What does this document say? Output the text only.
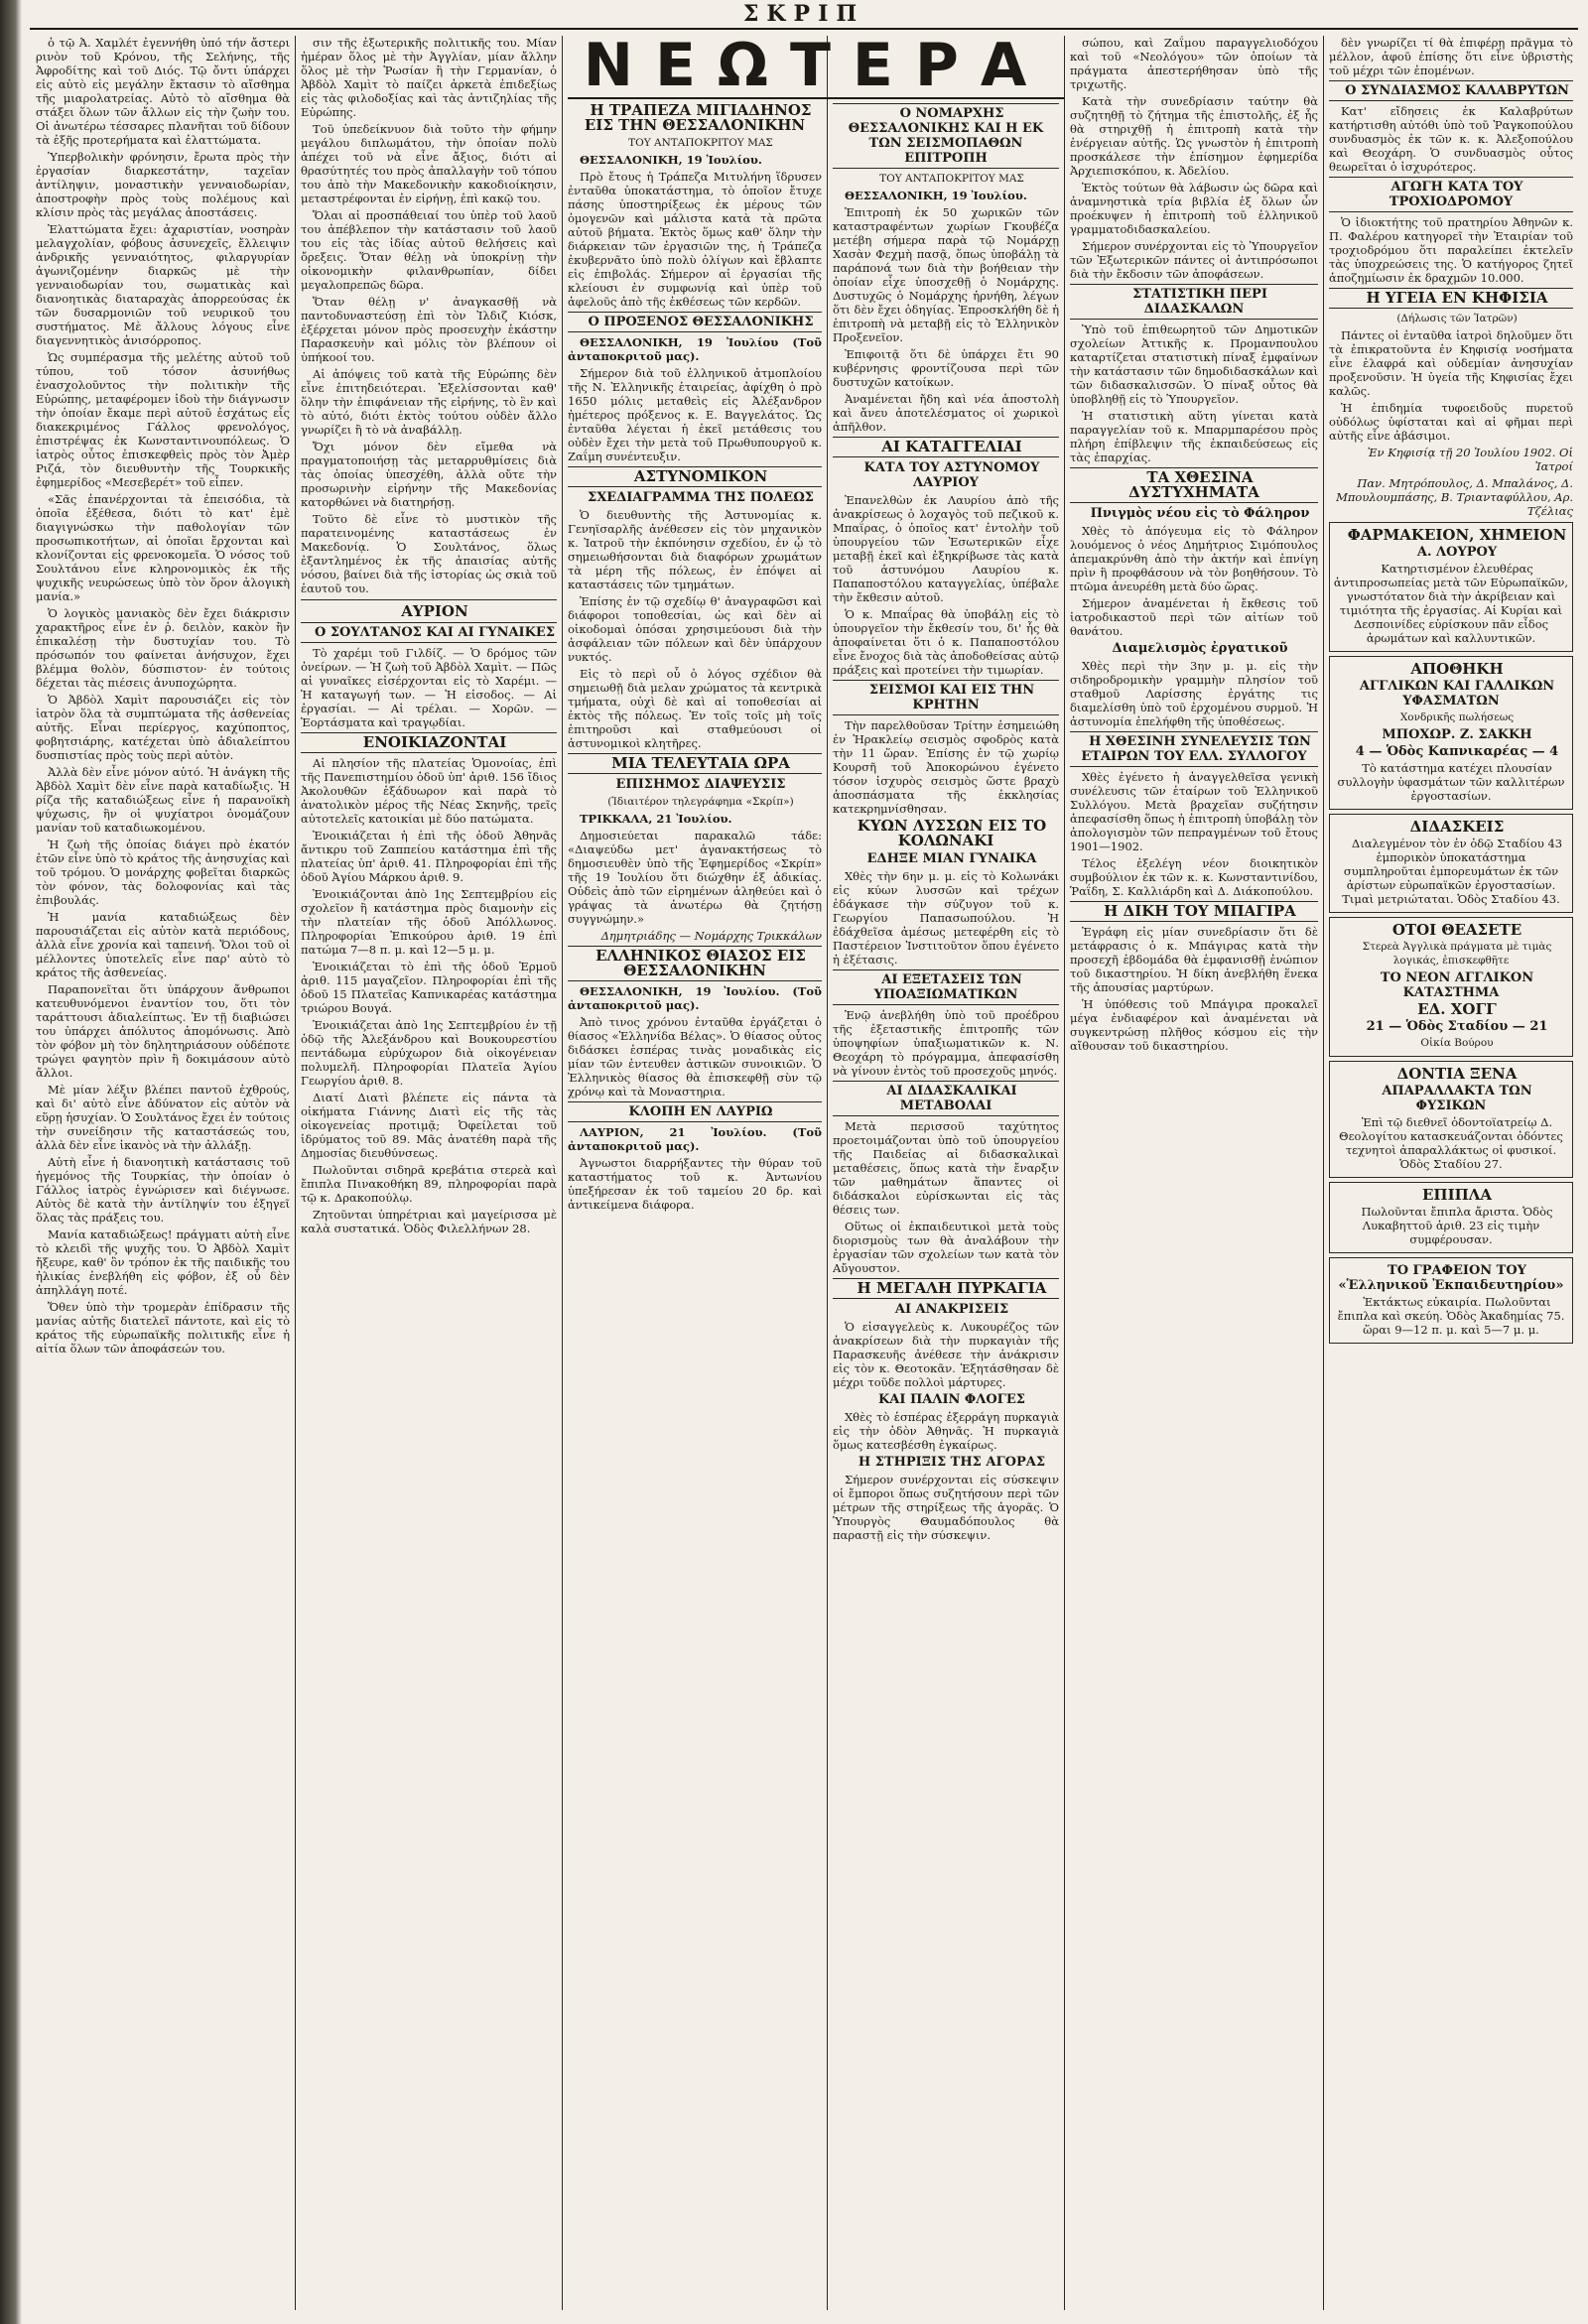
ΣΚΡΙΠ

ὁ τῷ Ἀ. Χαμλέτ ἐγεννήθη ὑπό τήν ἄστερι ρινὸν τοῦ Κρόνου, τῆς Σελήνης, τῆς Ἀφροδίτης καὶ τοῦ Διός. Τῷ ὄντι ὑπάρχει εἰς αὐτὸ εἰς μεγάλην ἔκτασιν τὸ αἴσθημα τῆς μιαρολατρείας. Αὐτὸ τὸ αἴσθημα θὰ στάξει ὅλων τῶν ἄλλων εἰς τὴν ζωὴν του. Οἱ ἀνωτέρω τέσσαρες πλανῆται τοῦ δίδουν τὰ ἐξῆς προτερήματα καὶ ἐλαττώματα.

Ὑπερβολικὴν φρόνησιν, ἔρωτα πρὸς τὴν ἐργασίαν διαρκεστάτην, ταχεῖαν ἀντίληψιν, μοναστικὴν γενναιοδωρίαν, ἀποστροφὴν πρὸς τοὺς πολέμους καὶ κλίσιν πρὸς τὰς μεγάλας ἀποστάσεις.

Ἐλαττώματα ἔχει: ἀχαριστίαν, νοσηρὰν μελαγχολίαν, φόβους ἀσυνεχεῖς, ἔλλειψιν ἀνδρικῆς γενναιότητος, φιλαργυρίαν ἀγωνιζομένην διαρκῶς μὲ τὴν γενναιοδωρίαν του, σωματικὰς καὶ διανοητικὰς διαταραχὰς ἀπορρεούσας ἐκ τῶν δυσαρμονιῶν τοῦ νευρικοῦ του συστήματος. Μὲ ἄλλους λόγους εἶνε διαγεννητικὸς ἀνισόρροπος.

Ὡς συμπέρασμα τῆς μελέτης αὐτοῦ τοῦ τύπου, τοῦ τόσον ἀσυνήθως ἐνασχολοῦντος τὴν πολιτικὴν τῆς Εὐρώπης, μεταφέρομεν ἰδοὺ τὴν διάγνωσιν τὴν ὁποίαν ἔκαμε περὶ αὐτοῦ ἐσχάτως εἷς διακεκριμένος Γάλλος φρενολόγος, ἐπιστρέψας ἐκ Κωνσταντινουπόλεως. Ὁ ἰατρὸς οὗτος ἐπισκεφθεὶς πρὸς τὸν Ἀμὲρ Ριζά, τὸν διευθυντὴν τῆς Τουρκικῆς ἐφημερίδος «Μεσεβερέτ» τοῦ εἶπεν.

«Σᾶς ἐπανέρχονται τὰ ἐπεισόδια, τὰ ὁποῖα ἐξέθεσα, διότι τὸ κατ' ἐμὲ διαγιγνώσκω τὴν παθολογίαν τῶν προσωπικοτήτων, αἱ ὁποῖαι ἔρχονται καὶ κλονίζονται εἰς φρενοκομεῖα. Ὁ νόσος τοῦ Σουλτάνου εἶνε κληρονομικὸς ἐκ τῆς ψυχικῆς νευρώσεως ὑπὸ τὸν ὅρον ἀλογικὴ μανία.»

Ὁ λογικὸς μανιακὸς δὲν ἔχει διάκρισιν χαρακτῆρος εἶνε ἐν ῥ. δειλὸν, κακὸν ἢν ἐπικαλέσῃ τὴν δυστυχίαν του. Τὸ πρόσωπόν του φαίνεται ἀνήσυχον, ἔχει βλέμμα θολὸν, δύσπιστον· ἐν τούτοις δέχεται τὰς πιέσεις ἀνυποχώρητα.

Ὁ Ἀβδὸλ Χαμὶτ παρουσιάζει εἰς τὸν ἰατρὸν ὅλα τὰ συμπτώματα τῆς ἀσθενείας αὐτῆς. Εἶναι περίεργος, καχύποπτος, φοβητσιάρης, κατέχεται ὑπὸ ἀδιαλείπτου δυσπιστίας πρὸς τοὺς περὶ αὐτὸν.

Ἀλλὰ δὲν εἶνε μόνον αὐτό. Ἡ ἀνάγκη τῆς Ἀβδὸλ Χαμὶτ δὲν εἶνε παρὰ καταδίωξις. Ἡ ρίζα τῆς καταδιώξεως εἶνε ἡ παρανοϊκὴ ψύχωσις, ἣν οἱ ψυχίατροι ὀνομάζουν μανίαν τοῦ καταδιωκομένου.

Ἡ ζωὴ τῆς ὁποίας διάγει πρὸ ἑκατόν ἐτῶν εἶνε ὑπὸ τὸ κράτος τῆς ἀνησυχίας καὶ τοῦ τρόμου. Ὁ μονάρχης φοβεῖται διαρκῶς τὸν φόνον, τὰς δολοφονίας καὶ τὰς ἐπιβουλάς.

Ἡ μανία καταδιώξεως δὲν παρουσιάζεται εἰς αὐτὸν κατὰ περιόδους, ἀλλὰ εἶνε χρονία καὶ ταπεινή. Ὅλοι τοῦ οἱ μέλλοντες ὑποτελεῖς εἶνε παρ' αὐτὸ τὸ κράτος τῆς ἀσθενείας.

Παραπονεῖται ὅτι ὑπάρχουν ἄνθρωποι κατευθυνόμενοι ἐναντίον του, ὅτι τὸν ταράττουσι ἀδιαλείπτως. Ἐν τῇ διαβιώσει του ὑπάρχει ἀπόλυτος ἀπομόνωσις. Ἀπὸ τὸν φόβον μὴ τὸν δηλητηριάσουν οὐδέποτε τρώγει φαγητὸν πρὶν ἢ δοκιμάσουν αὐτὸ ἄλλοι.

Μὲ μίαν λέξιν βλέπει παντοῦ ἐχθρούς, καὶ δι' αὐτὸ εἶνε ἀδύνατον εἰς αὐτὸν νὰ εὕρῃ ἡσυχίαν. Ὁ Σουλτάνος ἔχει ἐν τούτοις τὴν συνείδησιν τῆς καταστάσεώς του, ἀλλὰ δὲν εἶνε ἱκανὸς νὰ τὴν ἀλλάξῃ.

Αὐτὴ εἶνε ἡ διανοητικὴ κατάστασις τοῦ ἡγεμόνος τῆς Τουρκίας, τὴν ὁποίαν ὁ Γάλλος ἰατρὸς ἐγνώρισεν καὶ διέγνωσε. Αὐτὸς δὲ κατὰ τὴν ἀντίληψίν του ἐξηγεῖ ὅλας τὰς πράξεις του.

Μανία καταδιώξεως! πράγματι αὐτὴ εἶνε τὸ κλειδὶ τῆς ψυχῆς του. Ὁ Ἀβδὸλ Χαμὶτ ἤξευρε, καθ' ὃν τρόπον ἐκ τῆς παιδικῆς του ἡλικίας ἐνεβλήθη εἰς φόβον, ἐξ οὗ δὲν ἀπηλλάγη ποτέ.

Ὅθεν ὑπὸ τὴν τρομερὰν ἐπίδρασιν τῆς μανίας αὐτῆς διατελεῖ πάντοτε, καὶ εἰς τὸ κράτος τῆς εὐρωπαϊκῆς πολιτικῆς εἶνε ἡ αἰτία ὅλων τῶν ἀποφάσεών του.

σιν τῆς ἐξωτερικῆς πολιτικῆς του. Μίαν ἡμέραν ὅλος μὲ τὴν Ἀγγλίαν, μίαν ἄλλην ὅλος μὲ τὴν Ῥωσίαν ἢ τὴν Γερμανίαν, ὁ Ἀβδὸλ Χαμὶτ τὸ παίζει ἀρκετὰ ἐπιδεξίως εἰς τὰς φιλοδοξίας καὶ τὰς ἀντιζηλίας τῆς Εὐρώπης.

Τοῦ ὑπεδείκνυον διὰ τοῦτο τὴν φήμην μεγάλου διπλωμάτου, τὴν ὁποίαν πολὺ ἀπέχει τοῦ νὰ εἶνε ἄξιος, διότι αἱ θρασύτητές του πρὸς ἀπαλλαγὴν τοῦ τόπου του ἀπὸ τὴν Μακεδονικὴν κακοδιοίκησιν, μεταστρέφονται ἐν εἰρήνῃ, ἐπὶ κακῷ του.

Ὅλαι αἱ προσπάθειαί του ὑπὲρ τοῦ λαοῦ του ἀπέβλεπον τὴν κατάστασιν τοῦ λαοῦ του εἰς τὰς ἰδίας αὐτοῦ θελήσεις καὶ ὄρεξεις. Ὅταν θέλῃ νὰ ὑποκρίνῃ τὴν οἰκονομικὴν φιλανθρωπίαν, δίδει μεγαλοπρεπῶς δῶρα.

Ὅταν θέλῃ ν' ἀναγκασθῇ νὰ παντοδυναστεύσῃ ἐπὶ τὸν Ἰλδιζ Κιόσκ, ἐξέρχεται μόνον πρὸς προσευχὴν ἑκάστην Παρασκευὴν καὶ μόλις τὸν βλέπουν οἱ ὑπήκοοί του.

Αἱ ἀπόψεις τοῦ κατὰ τῆς Εὐρώπης δὲν εἶνε ἐπιτηδειότεραι. Ἐξελίσσονται καθ' ὅλην τὴν ἐπιφάνειαν τῆς εἰρήνης, τὸ ἓν καὶ τὸ αὐτό, διότι ἐκτὸς τούτου οὐδὲν ἄλλο γνωρίζει ἢ τὸ νὰ ἀναβάλλῃ.

Ὄχι μόνον δὲν εἴμεθα νὰ πραγματοποιήσῃ τὰς μεταρρυθμίσεις διὰ τὰς ὁποίας ὑπεσχέθη, ἀλλὰ οὔτε τὴν προσωρινὴν εἰρήνην τῆς Μακεδονίας κατορθώνει νὰ διατηρήσῃ.

Τοῦτο δὲ εἶνε τὸ μυστικὸν τῆς παρατεινομένης καταστάσεως ἐν Μακεδονίᾳ. Ὁ Σουλτάνος, ὅλως ἐξαντλημένος ἐκ τῆς ἀπαισίας αὐτῆς νόσου, βαίνει διὰ τῆς ἱστορίας ὡς σκιὰ τοῦ ἑαυτοῦ του.

ΑΥΡΙΟΝ

Ο ΣΟΥΛΤΑΝΟΣ ΚΑΙ ΑΙ ΓΥΝΑΙΚΕΣ

Τὸ χαρέμι τοῦ Γιλδίζ. — Ὁ δρόμος τῶν ὀνείρων. — Ἡ ζωὴ τοῦ Ἀβδὸλ Χαμὶτ. — Πῶς αἱ γυναῖκες εἰσέρχονται εἰς τὸ Χαρέμι. — Ἡ καταγωγή των. — Ἡ εἰσοδος. — Αἱ ἐργασίαι. — Αἱ τρέλαι. — Χορῶν. — Ἑορτάσματα καὶ τραγῳδίαι.

ΕΝΟΙΚΙΑΖΟΝΤΑΙ

Αἱ πλησίον τῆς πλατείας Ὁμονοίας, ἐπὶ τῆς Πανεπιστημίου ὁδοῦ ὑπ' ἀριθ. 156 ἴδιος Ἀκολουθῶν ἑξάδυωρον καὶ παρὰ τὸ ἀνατολικὸν μέρος τῆς Νέας Σκηνῆς, τρεῖς αὐτοτελεῖς κατοικίαι μὲ δύο πατώματα.

Ἐνοικιάζεται ἡ ἐπὶ τῆς ὁδοῦ Ἀθηνᾶς ἄντικρυ τοῦ Ζαππείου κατάστημα ἐπὶ τῆς πλατείας ὑπ' ἀριθ. 41. Πληροφορίαι ἐπὶ τῆς ὁδοῦ Ἀγίου Μάρκου ἀριθ. 9.

Ἐνοικιάζονται ἀπὸ 1ης Σεπτεμβρίου εἰς σχολεῖον ἢ κατάστημα πρὸς διαμονὴν εἰς τὴν πλατείαν τῆς ὁδοῦ Ἀπόλλωνος. Πληροφορίαι Ἐπικούρου ἀριθ. 19 ἐπὶ πατώμα 7—8 π. μ. καὶ 12—5 μ. μ.

Ἐνοικιάζεται τὸ ἐπὶ τῆς ὁδοῦ Ἑρμοῦ ἀριθ. 115 μαγαζεῖον. Πληροφορίαι ἐπὶ τῆς ὁδοῦ 15 Πλατεῖας Καπνικαρέας κατάστημα τριώρου Βουγά.

Ἐνοικιάζεται ἀπὸ 1ης Σεπτεμβρίου ἐν τῇ ὁδῷ τῆς Ἀλεξάνδρου καὶ Βουκουρεστίου πεντάδωμα εὐρύχωρον διὰ οἰκογένειαν πολυμελῆ. Πληροφορίαι Πλατεῖα Ἁγίου Γεωργίου ἀριθ. 8.

Διατί Διατὶ βλέπετε εἰς πάντα τὰ οἰκήματα Γιάννης Διατὶ εἰς τῆς τὰς οἰκογενείας προτιμᾷ; Ὀφείλεται τοῦ ἱδρύματος τοῦ 89. Μᾶς ἀνατέθη παρὰ τῆς Δημοσίας διευθύνσεως.

Πωλοῦνται σιδηρᾶ κρεβάτια στερεὰ καὶ ἔπιπλα Πινακοθήκη 89, πληροφορίαι παρὰ τῷ κ. Δρακοπούλῳ.

Ζητοῦνται ὑπηρέτριαι καὶ μαγείρισσα μὲ καλὰ συστατικά. Ὁδὸς Φιλελλήνων 28.

ΝΕΩΤΕΡΑ

Η ΤΡΑΠΕΖΑ ΜΙΓΙΑΔΗΝΟΣ ΕΙΣ ΤΗΝ ΘΕΣΣΑΛΟΝΙΚΗΝ

ΤΟΥ ΑΝΤΑΠΟΚΡΙΤΟΥ ΜΑΣ

ΘΕΣΣΑΛΟΝΙΚΗ, 19 Ἰουλίου.

Πρὸ ἔτους ἡ Τράπεζα Μιτυλήνη ἵδρυσεν ἐνταῦθα ὑποκατάστημα, τὸ ὁποῖον ἔτυχε πάσης ὑποστηρίξεως ἐκ μέρους τῶν ὁμογενῶν καὶ μάλιστα κατὰ τὰ πρῶτα αὐτοῦ βήματα. Ἐκτὸς ὅμως καθ' ὅλην τὴν διάρκειαν τῶν ἐργασιῶν της, ἡ Τράπεζα ἐκυβερνᾶτο ὑπὸ πολὺ ὀλίγων καὶ ἔβλαπτε εἰς ἐπιβολάς. Σήμερον αἱ ἐργασίαι τῆς κλείουσι ἐν συμφωνίᾳ καὶ ὑπὲρ τοῦ ἀφελοῦς ἀπὸ τῆς ἐκθέσεως τῶν κερδῶν.

Ο ΠΡΟΞΕΝΟΣ ΘΕΣΣΑΛΟΝΙΚΗΣ

ΘΕΣΣΑΛΟΝΙΚΗ, 19 Ἰουλίου (Τοῦ ἀνταποκριτοῦ μας).

Σήμερον διὰ τοῦ ἑλληνικοῦ ἀτμοπλοίου τῆς Ν. Ἑλληνικῆς ἑταιρείας, ἀφίχθη ὁ πρὸ 1650 μόλις μεταθεὶς εἰς Ἀλέξανδρον ἡμέτερος πρόξενος κ. Ε. Βαγγελάτος. Ὡς ἐνταῦθα λέγεται ἡ ἐκεῖ μετάθεσις του οὐδὲν ἔχει τὴν μετὰ τοῦ Πρωθυπουργοῦ κ. Ζαΐμη συνέντευξιν.

ΑΣΤΥΝΟΜΙΚΟΝ

ΣΧΕΔΙΑΓΡΑΜΜΑ ΤΗΣ ΠΟΛΕΩΣ

Ὁ διευθυντὴς τῆς Ἀστυνομίας κ. Γενηϊσαρλῆς ἀνέθεσεν εἰς τὸν μηχανικὸν κ. Ἰατροῦ τὴν ἐκπόνησιν σχεδίου, ἐν ᾧ τὸ σημειωθήσονται διὰ διαφόρων χρωμάτων τὰ μέρη τῆς πόλεως, ἐν ἐπόψει αἱ καταστάσεις τῶν τμημάτων.

Ἐπίσης ἐν τῷ σχεδίῳ θ' ἀναγραφῶσι καὶ διάφοροι τοποθεσίαι, ὡς καὶ δὲν αἱ οἰκοδομαὶ ὁπόσαι χρησιμεύουσι διὰ τὴν ἀσφάλειαν τῶν πόλεων καὶ δὲν ὑπάρχουν νυκτός.

Εἰς τὸ περὶ οὗ ὁ λόγος σχέδιον θὰ σημειωθῇ διὰ μελαν χρώματος τὰ κεντρικὰ τμήματα, οὐχὶ δὲ καὶ αἱ τοποθεσίαι αἱ ἐκτὸς τῆς πόλεως. Ἐν τοῖς τοῖς μὴ τοῖς ἐπιτηροῦσι καὶ σταθμεύουσι οἱ ἀστυνομικοὶ κλητῆρες.

ΜΙΑ ΤΕΛΕΥΤΑΙΑ ΩΡΑ

ΕΠΙΣΗΜΟΣ ΔΙΑΨΕΥΣΙΣ

(Ἰδιαιτέρον τηλεγράφημα «Σκρίπ»)

ΤΡΙΚΚΑΛΑ, 21 Ἰουλίου.

Δημοσιεύεται παρακαλῶ τάδε: «Διαψεύδω μετ' ἀγανακτήσεως τὸ δημοσιευθὲν ὑπὸ τῆς Ἐφημερίδος «Σκρίπ» τῆς 19 Ἰουλίου ὅτι διώχθην ἐξ ἀδικίας. Οὐδεὶς ἀπὸ τῶν εἰρημένων ἀληθεύει καὶ ὁ γράψας τὰ ἀνωτέρω θὰ ζητήσῃ συγγνώμην.»

Δημητριάδης — Νομάρχης Τρικκάλων

ΕΛΛΗΝΙΚΟΣ ΘΙΑΣΟΣ ΕΙΣ ΘΕΣΣΑΛΟΝΙΚΗΝ

ΘΕΣΣΑΛΟΝΙΚΗ, 19 Ἰουλίου. (Τοῦ ἀνταποκριτοῦ μας).

Ἀπὸ τινος χρόνου ἐνταῦθα ἐργάζεται ὁ θίασος «Ἑλληνίδα Βέλας». Ὁ θίασος οὗτος διδάσκει ἑσπέρας τινὰς μοναδικὰς εἰς μίαν τῶν ἐντευθεν ἀστικῶν συνοικιῶν. Ὁ Ἑλληνικὸς θίασος θὰ ἐπισκεφθῇ σὺν τῷ χρόνῳ καὶ τὰ Μοναστηρια.

ΚΛΟΠΗ ΕΝ ΛΑΥΡΙΩ

ΛΑΥΡΙΟΝ, 21 Ἰουλίου. (Τοῦ ἀνταποκριτοῦ μας).

Ἀγνωστοι διαρρήξαντες τὴν θύραν τοῦ καταστήματος τοῦ κ. Ἀντωνίου ὑπεξήρεσαν ἐκ τοῦ ταμείου 20 δρ. καὶ ἀντικείμενα διάφορα.

Ο ΝΟΜΑΡΧΗΣ ΘΕΣΣΑΛΟΝΙΚΗΣ ΚΑΙ Η ΕΚ ΤΩΝ ΣΕΙΣΜΟΠΑΘΩΝ ΕΠΙΤΡΟΠΗ

ΤΟΥ ΑΝΤΑΠΟΚΡΙΤΟΥ ΜΑΣ

ΘΕΣΣΑΛΟΝΙΚΗ, 19 Ἰουλίου.

Ἐπιτροπὴ ἐκ 50 χωρικῶν τῶν καταστραφέντων χωρίων Γκουβέζα μετέβη σήμερα παρὰ τῷ Νομάρχῃ Χασὰν Φεχμὴ πασᾷ, ὅπως ὑποβάλῃ τὰ παράπονά των διὰ τὴν βοήθειαν τὴν ὁποίαν εἶχε ὑποσχεθῇ ὁ Νομάρχης. Δυστυχῶς ὁ Νομάρχης ἠρνήθη, λέγων ὅτι δὲν ἔχει ὁδηγίας. Ἐπροσκλήθη δὲ ἡ ἐπιτροπὴ νὰ μεταβῇ εἰς τὸ Ἑλληνικὸν Προξενεῖον.

Ἐπιφοιτᾷ ὅτι δὲ ὑπάρχει ἔτι 90 κυβέρνησις φροντίζουσα περὶ τῶν δυστυχῶν κατοίκων.

Ἀναμένεται ἤδη καὶ νέα ἀποστολὴ καὶ ἄνευ ἀποτελέσματος οἱ χωρικοὶ ἀπῆλθον.

ΑΙ ΚΑΤΑΓΓΕΛΙΑΙ

ΚΑΤΑ ΤΟΥ ΑΣΤΥΝΟΜΟΥ ΛΑΥΡΙΟΥ

Ἐπανελθὼν ἐκ Λαυρίου ἀπὸ τῆς ἀνακρίσεως ὁ λοχαγὸς τοῦ πεζικοῦ κ. Μπαΐρας, ὁ ὁποῖος κατ' ἐντολὴν τοῦ ὑπουργείου τῶν Ἐσωτερικῶν εἶχε μεταβῇ ἐκεῖ καὶ ἐξηκρίβωσε τὰς κατὰ τοῦ ἀστυνόμου Λαυρίου κ. Παπαποστόλου καταγγελίας, ὑπέβαλε τὴν ἔκθεσιν αὐτοῦ.

Ὁ κ. Μπαΐρας θὰ ὑποβάλῃ εἰς τὸ ὑπουργεῖον τὴν ἔκθεσίν του, δι' ἧς θὰ ἀποφαίνεται ὅτι ὁ κ. Παπαποστόλου εἶνε ἔνοχος διὰ τὰς ἀποδοθείσας αὐτῷ πράξεις καὶ προτείνει τὴν τιμωρίαν.

ΣΕΙΣΜΟΙ ΚΑΙ ΕΙΣ ΤΗΝ ΚΡΗΤΗΝ

Τὴν παρελθοῦσαν Τρίτην ἐσημειώθη ἐν Ἡρακλείῳ σεισμὸς σφοδρὸς κατὰ τὴν 11 ὥραν. Ἐπίσης ἐν τῷ χωρίῳ Κουρσῆ τοῦ Ἀποκορώνου ἐγένετο τόσον ἰσχυρὸς σεισμὸς ὥστε βραχὺ ἀποσπάσματα τῆς ἐκκλησίας κατεκρημνίσθησαν.

ΚΥΩΝ ΛΥΣΣΩΝ ΕΙΣ ΤΟ ΚΟΛΩΝΑΚΙ

ΕΔΗΞΕ ΜΙΑΝ ΓΥΝΑΙΚΑ

Χθὲς τὴν 6ην μ. μ. εἰς τὸ Κολωνάκι εἰς κύων λυσσῶν καὶ τρέχων ἐδάγκασε τὴν σύζυγον τοῦ κ. Γεωργίου Παπασωπούλου. Ἡ ἐδάχθεῖσα ἀμέσως μετεφέρθη εἰς τὸ Παστέρειον Ἰνστιτοῦτον ὅπου ἐγένετο ἡ ἐξέτασις.

ΑΙ ΕΞΕΤΑΣΕΙΣ ΤΩΝ ΥΠΟΑΞΙΩΜΑΤΙΚΩΝ

Ἐνῷ ἀνεβλήθη ὑπὸ τοῦ προέδρου τῆς ἐξεταστικῆς ἐπιτροπῆς τῶν ὑποψηφίων ὑπαξιωματικῶν κ. Ν. Θεοχάρη τὸ πρόγραμμα, ἀπεφασίσθη νὰ γίνουν ἐντὸς τοῦ προσεχοῦς μηνός.

ΑΙ ΔΙΔΑΣΚΑΛΙΚΑΙ ΜΕΤΑΒΟΛΑΙ

Μετὰ περισσοῦ ταχύτητος προετοιμάζονται ὑπὸ τοῦ ὑπουργείου τῆς Παιδείας αἱ διδασκαλικαὶ μεταθέσεις, ὅπως κατὰ τὴν ἔναρξιν τῶν μαθημάτων ἅπαντες οἱ διδάσκαλοι εὑρίσκωνται εἰς τὰς θέσεις των.

Οὕτως οἱ ἐκπαιδευτικοὶ μετὰ τοὺς διορισμοὺς των θὰ ἀναλάβουν τὴν ἐργασίαν τῶν σχολείων των κατὰ τὸν Αὔγουστον.

Η ΜΕΓΑΛΗ ΠΥΡΚΑΓΙΑ

ΑΙ ΑΝΑΚΡΙΣΕΙΣ

Ὁ εἰσαγγελεὺς κ. Λυκουρέζος τῶν ἀνακρίσεων διὰ τὴν πυρκαγιὰν τῆς Παρασκευῆς ἀνέθεσε τὴν ἀνάκρισιν εἰς τὸν κ. Θεοτοκᾶν. Ἐξητάσθησαν δὲ μέχρι τοῦδε πολλοὶ μάρτυρες.

ΚΑΙ ΠΑΛΙΝ ΦΛΟΓΕΣ

Χθὲς τὸ ἑσπέρας ἐξερράγη πυρκαγιὰ εἰς τὴν ὁδὸν Ἀθηνᾶς. Ἡ πυρκαγιὰ ὅμως κατεσβέσθη ἐγκαίρως.

Η ΣΤΗΡΙΞΙΣ ΤΗΣ ΑΓΟΡΑΣ

Σήμερον συνέρχονται εἰς σύσκεψιν οἱ ἔμποροι ὅπως συζητήσουν περὶ τῶν μέτρων τῆς στηρίξεως τῆς ἀγορᾶς. Ὁ Ὑπουργὸς Θαυμαδόπουλος θὰ παραστῇ εἰς τὴν σύσκεψιν.

σώπου, καὶ Ζαΐμου παραγγελιοδόχου καὶ τοῦ «Νεολόγου» τῶν ὁποίων τὰ πράγματα ἀπεστερήθησαν ὑπὸ τῆς τριχωτῆς.

Κατὰ τὴν συνεδρίασιν ταύτην θὰ συζητηθῇ τὸ ζήτημα τῆς ἐπιστολῆς, ἐξ ἧς θὰ στηριχθῇ ἡ ἐπιτροπὴ κατὰ τὴν ἐνέργειαν αὐτῆς. Ὡς γνωστὸν ἡ ἐπιτροπὴ προσκάλεσε τὴν ἐπίσημον ἐφημερίδα Ἀρχιεπισκόπου, κ. Ἀδελίου.

Ἐκτὸς τούτων θὰ λάβωσιν ὡς δῶρα καὶ ἀναμνηστικὰ τρία βιβλία ἐξ ὅλων ὧν προέκυψεν ἡ ἐπιτροπὴ τοῦ ἑλληνικοῦ γραμματοδιδασκαλείου.

Σήμερον συνέρχονται εἰς τὸ Ὑπουργεῖον τῶν Ἐξωτερικῶν πάντες οἱ ἀντιπρόσωποι διὰ τὴν ἔκδοσιν τῶν ἀποφάσεων.

ΣΤΑΤΙΣΤΙΚΗ ΠΕΡΙ ΔΙΔΑΣΚΑΛΩΝ

Ὑπὸ τοῦ ἐπιθεωρητοῦ τῶν Δημοτικῶν σχολείων Ἀττικῆς κ. Προμανπουλου καταρτίζεται στατιστικὴ πίναξ ἐμφαίνων τὴν κατάστασιν τῶν δημοδιδασκάλων καὶ τῶν διδασκαλισσῶν. Ὁ πίναξ οὗτος θὰ ὑποβληθῇ εἰς τὸ Ὑπουργεῖον.

Ἡ στατιστικὴ αὕτη γίνεται κατὰ παραγγελίαν τοῦ κ. Μπαρμπαρέσου πρὸς πλήρη ἐπίβλεψιν τῆς ἐκπαιδεύσεως εἰς τὰς ἐπαρχίας.

ΤΑ ΧΘΕΣΙΝΑ ΔΥΣΤΥΧΗΜΑΤΑ

Πνιγμὸς νέου εἰς τὸ Φάληρον

Χθὲς τὸ ἀπόγευμα εἰς τὸ Φάληρον λουόμενος ὁ νέος Δημήτριος Σιμόπουλος ἀπεμακρύνθη ἀπὸ τὴν ἀκτήν καὶ ἐπνίγη πρὶν ἢ προφθάσουν νὰ τὸν βοηθήσουν. Τὸ πτῶμα ἀνευρέθη μετὰ δύο ὥρας.

Σήμερον ἀναμένεται ἡ ἔκθεσις τοῦ ἰατροδικαστοῦ περὶ τῶν αἰτίων τοῦ θανάτου.

Διαμελισμὸς ἐργατικοῦ

Χθὲς περὶ τὴν 3ην μ. μ. εἰς τὴν σιδηροδρομικὴν γραμμὴν πλησίον τοῦ σταθμοῦ Λαρίσσης ἐργάτης τις διαμελίσθη ὑπὸ τοῦ ἐρχομένου συρμοῦ. Ἡ ἀστυνομία ἐπελήφθη τῆς ὑποθέσεως.

Η ΧΘΕΣΙΝΗ ΣΥΝΕΛΕΥΣΙΣ ΤΩΝ ΕΤΑΙΡΩΝ ΤΟΥ ΕΛΛ. ΣΥΛΛΟΓΟΥ

Χθὲς ἐγένετο ἡ ἀναγγελθεῖσα γενικὴ συνέλευσις τῶν ἑταίρων τοῦ Ἑλληνικοῦ Συλλόγου. Μετὰ βραχεῖαν συζήτησιν ἀπεφασίσθη ὅπως ἡ ἐπιτροπὴ ὑποβάλῃ τὸν ἀπολογισμὸν τῶν πεπραγμένων τοῦ ἔτους 1901—1902.

Τέλος ἐξελέγη νέον διοικητικὸν συμβούλιον ἐκ τῶν κ. κ. Κωνσταντινίδου, Ῥαΐδη, Σ. Καλλιάρδη καὶ Δ. Διάκοπούλου.

Η ΔΙΚΗ ΤΟΥ ΜΠΑΓΙΡΑ

Ἐγράφη εἰς μίαν συνεδρίασιν ὅτι δὲ μετάφρασις ὁ κ. Μπάγιρας κατὰ τὴν προσεχῆ ἑβδομάδα θὰ ἐμφανισθῇ ἐνώπιον τοῦ δικαστηρίου. Ἡ δίκη ἀνεβλήθη ἕνεκα τῆς ἀπουσίας μαρτύρων.

Ἡ ὑπόθεσις τοῦ Μπάγιρα προκαλεῖ μέγα ἐνδιαφέρον καὶ ἀναμένεται νὰ συγκεντρώσῃ πλῆθος κόσμου εἰς τὴν αἴθουσαν τοῦ δικαστηρίου.

δὲν γνωρίζει τί θὰ ἐπιφέρῃ πρᾶγμα τὸ μέλλον, ἀφοῦ ἐπίσης ὅτι εἶνε ὑβριστὴς τοῦ μέχρι τῶν ἐπομένων.

Ο ΣΥΝΔΙΑΣΜΟΣ ΚΑΛΑΒΡΥΤΩΝ

Κατ' εἴδησεις ἐκ Καλαβρύτων κατήρτισθη αὐτόθι ὑπὸ τοῦ Ῥαγκοπούλου συνδυασμὸς ἐκ τῶν κ. κ. Ἀλεξοπούλου καὶ Θεοχάρη. Ὁ συνδυασμὸς οὗτος θεωρεῖται ὁ ἰσχυρότερος.

ΑΓΩΓΗ ΚΑΤΑ ΤΟΥ ΤΡΟΧΙΟΔΡΟΜΟΥ

Ὁ ἰδιοκτήτης τοῦ πρατηρίου Ἀθηνῶν κ. Π. Φαλέρου κατηγορεῖ τὴν Ἑταιρίαν τοῦ τροχιοδρόμου ὅτι παραλείπει ἐκτελεῖν τὰς ὑποχρεώσεις της. Ὁ κατήγορος ζητεῖ ἀποζημίωσιν ἐκ δραχμῶν 10.000.

Η ΥΓΕΙΑ ΕΝ ΚΗΦΙΣΙΑ

(Δήλωσις τῶν Ἰατρῶν)

Πάντες οἱ ἐνταῦθα ἰατροὶ δηλοῦμεν ὅτι τὰ ἐπικρατοῦντα ἐν Κηφισίᾳ νοσήματα εἶνε ἐλαφρά καὶ οὐδεμίαν ἀνησυχίαν προξενοῦσιν. Ἡ ὑγεία τῆς Κηφισίας ἔχει καλῶς.

Ἡ ἐπιδημία τυφοειδοῦς πυρετοῦ οὐδόλως ὑφίσταται καὶ αἱ φῆμαι περὶ αὐτῆς εἶνε ἀβάσιμοι.

Ἐν Κηφισίᾳ τῇ 20 Ἰουλίου 1902. Οἱ Ἰατροί

Παν. Μητρόπουλος, Δ. Μπαλάνος, Δ. Μπουλουμπάσης, Β. Τριανταφύλλου, Αρ. Τζέλιας

ΦΑΡΜΑΚΕΙΟΝ, ΧΗΜΕΙΟΝ

Α. ΛΟΥΡΟΥ

Κατηρτισμένον ἐλευθέρας ἀντιπροσωπείας μετὰ τῶν Εὐρωπαϊκῶν, γνωστότατον διὰ τὴν ἀκρίβειαν καὶ τιμιότητα τῆς ἐργασίας. Αἱ Κυρίαι καὶ Δεσποινίδες εὑρίσκουν πᾶν εἶδος ἀρωμάτων καὶ καλλυντικῶν.

ΑΠΟΘΗΚΗ

ΑΓΓΛΙΚΩΝ ΚΑΙ ΓΑΛΛΙΚΩΝ ΥΦΑΣΜΑΤΩΝ

Χονδρικῆς πωλήσεως

ΜΠΟΧΩΡ. Ζ. ΣΑΚΚΗ

4 — Ὁδὸς Καπνικαρέας — 4

Τὸ κατάστημα κατέχει πλουσίαν συλλογὴν ὑφασμάτων τῶν καλλιτέρων ἐργοστασίων.

ΔΙΔΑΣΚΕΙΣ

Διαλεγμένον τὸν ἐν ὁδῷ Σταδίου 43 ἐμπορικὸν ὑποκατάστημα συμπληροῦται ἐμπορευμάτων ἐκ τῶν ἀρίστων εὐρωπαϊκῶν ἐργοστασίων. Τιμαὶ μετριώταται. Ὁδὸς Σταδίου 43.

ΟΤΟΙ ΘΕΑΣΕΤΕ

Στερεὰ Ἀγγλικὰ πράγματα μὲ τιμὰς λογικάς, ἐπισκεφθῆτε

ΤΟ ΝΕΟΝ ΑΓΓΛΙΚΟΝ ΚΑΤΑΣΤΗΜΑ

ΕΔ. ΧΟΓΓ

21 — Ὁδὸς Σταδίου — 21

Οἰκία Βούρου

ΔΟΝΤΙΑ ΞΕΝΑ

ΑΠΑΡΑΛΛΑΚΤΑ ΤΩΝ ΦΥΣΙΚΩΝ

Ἐπὶ τῷ διεθνεῖ ὀδοντοϊατρείῳ Δ. Θεολογίτου κατασκευάζονται ὀδόντες τεχνητοὶ ἀπαραλλάκτως οἱ φυσικοί. Ὁδὸς Σταδίου 27.

ΕΠΙΠΛΑ

Πωλοῦνται ἔπιπλα ἄριστα. Ὁδὸς Λυκαβηττοῦ ἀριθ. 23 εἰς τιμὴν συμφέρουσαν.

ΤΟ ΓΡΑΦΕΙΟΝ ΤΟΥ «Ἑλληνικοῦ Ἐκπαιδευτηρίου»

Ἐκτάκτως εὐκαιρία. Πωλοῦνται ἔπιπλα καὶ σκεύη. Ὁδὸς Ἀκαδημίας 75. ὥραι 9—12 π. μ. καὶ 5—7 μ. μ.
